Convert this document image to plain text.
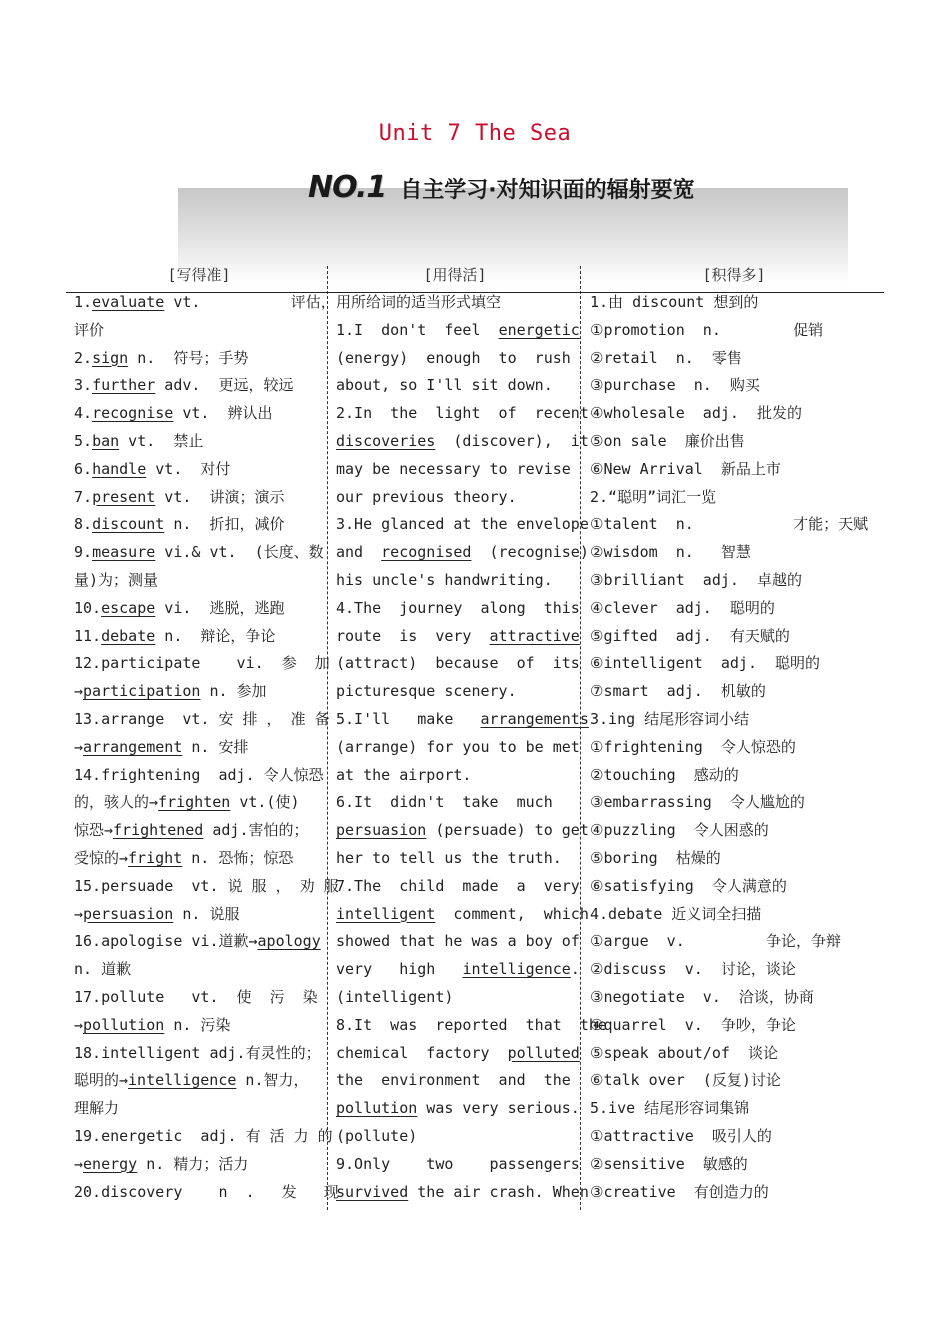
Unit 7 The Sea
NO.1 自主学习·对知识面的辐射要宽
[写得准]	[用得活]	[积得多]
1.evaluate vt.          评估，
评价
2.sign n.  符号；手势
3.further adv.  更远，较远
4.recognise vt.  辨认出
5.ban vt.  禁止
6.handle vt.  对付
7.present vt.  讲演；演示
8.discount n.  折扣，减价
9.measure vi.& vt.  (长度、数
量)为；测量
10.escape vi.  逃脱，逃跑
11.debate n.  辩论，争论
12.participate    vi.  参  加
→participation n. 参加
13.arrange  vt. 安 排 ， 准 备
→arrangement n. 安排
14.frightening  adj. 令人惊恐
的，骇人的→frighten vt.(使)
惊恐→frightened adj.害怕的；
受惊的→fright n. 恐怖；惊恐
15.persuade  vt. 说 服 ， 劝 服
→persuasion n. 说服
16.apologise vi.道歉→apology
n. 道歉
17.pollute   vt.  使  污  染
→pollution n. 污染
18.intelligent adj.有灵性的；
聪明的→intelligence n.智力，
理解力
19.energetic  adj. 有 活 力 的
→energy n. 精力；活力
20.discovery    n  .   发   现
用所给词的适当形式填空
1.I  don't  feel  energetic
(energy)  enough  to  rush
about, so I'll sit down.
2.In  the  light  of  recent
discoveries  (discover),  it
may be necessary to revise
our previous theory.
3.He glanced at the envelope
and  recognised  (recognise)
his uncle's handwriting.
4.The  journey  along  this
route  is  very  attractive
(attract)  because  of  its
picturesque scenery.
5.I'll   make   arrangements
(arrange) for you to be met
at the airport.
6.It  didn't  take  much
persuasion (persuade) to get
her to tell us the truth.
7.The  child  made  a  very
intelligent  comment,  which
showed that he was a boy of
very   high   intelligence.
(intelligent)
8.It  was  reported  that  the
chemical  factory  polluted
the  environment  and  the
pollution was very serious.
(pollute)
9.Only    two    passengers
survived the air crash. When
1.由 discount 想到的
①promotion  n.        促销
②retail  n.  零售
③purchase  n.  购买
④wholesale  adj.  批发的
⑤on sale  廉价出售
⑥New Arrival  新品上市
2.“聪明”词汇一览
①talent  n.           才能；天赋
②wisdom  n.   智慧
③brilliant  adj.  卓越的
④clever  adj.  聪明的
⑤gifted  adj.  有天赋的
⑥intelligent  adj.  聪明的
⑦smart  adj.  机敏的
3.ing 结尾形容词小结
①frightening  令人惊恐的
②touching  感动的
③embarrassing  令人尴尬的
④puzzling  令人困惑的
⑤boring  枯燥的
⑥satisfying  令人满意的
4.debate 近义词全扫描
①argue  v.         争论，争辩
②discuss  v.  讨论，谈论
③negotiate  v.  洽谈，协商
④quarrel  v.  争吵，争论
⑤speak about/of  谈论
⑥talk over  (反复)讨论
5.ive 结尾形容词集锦
①attractive  吸引人的
②sensitive  敏感的
③creative  有创造力的
